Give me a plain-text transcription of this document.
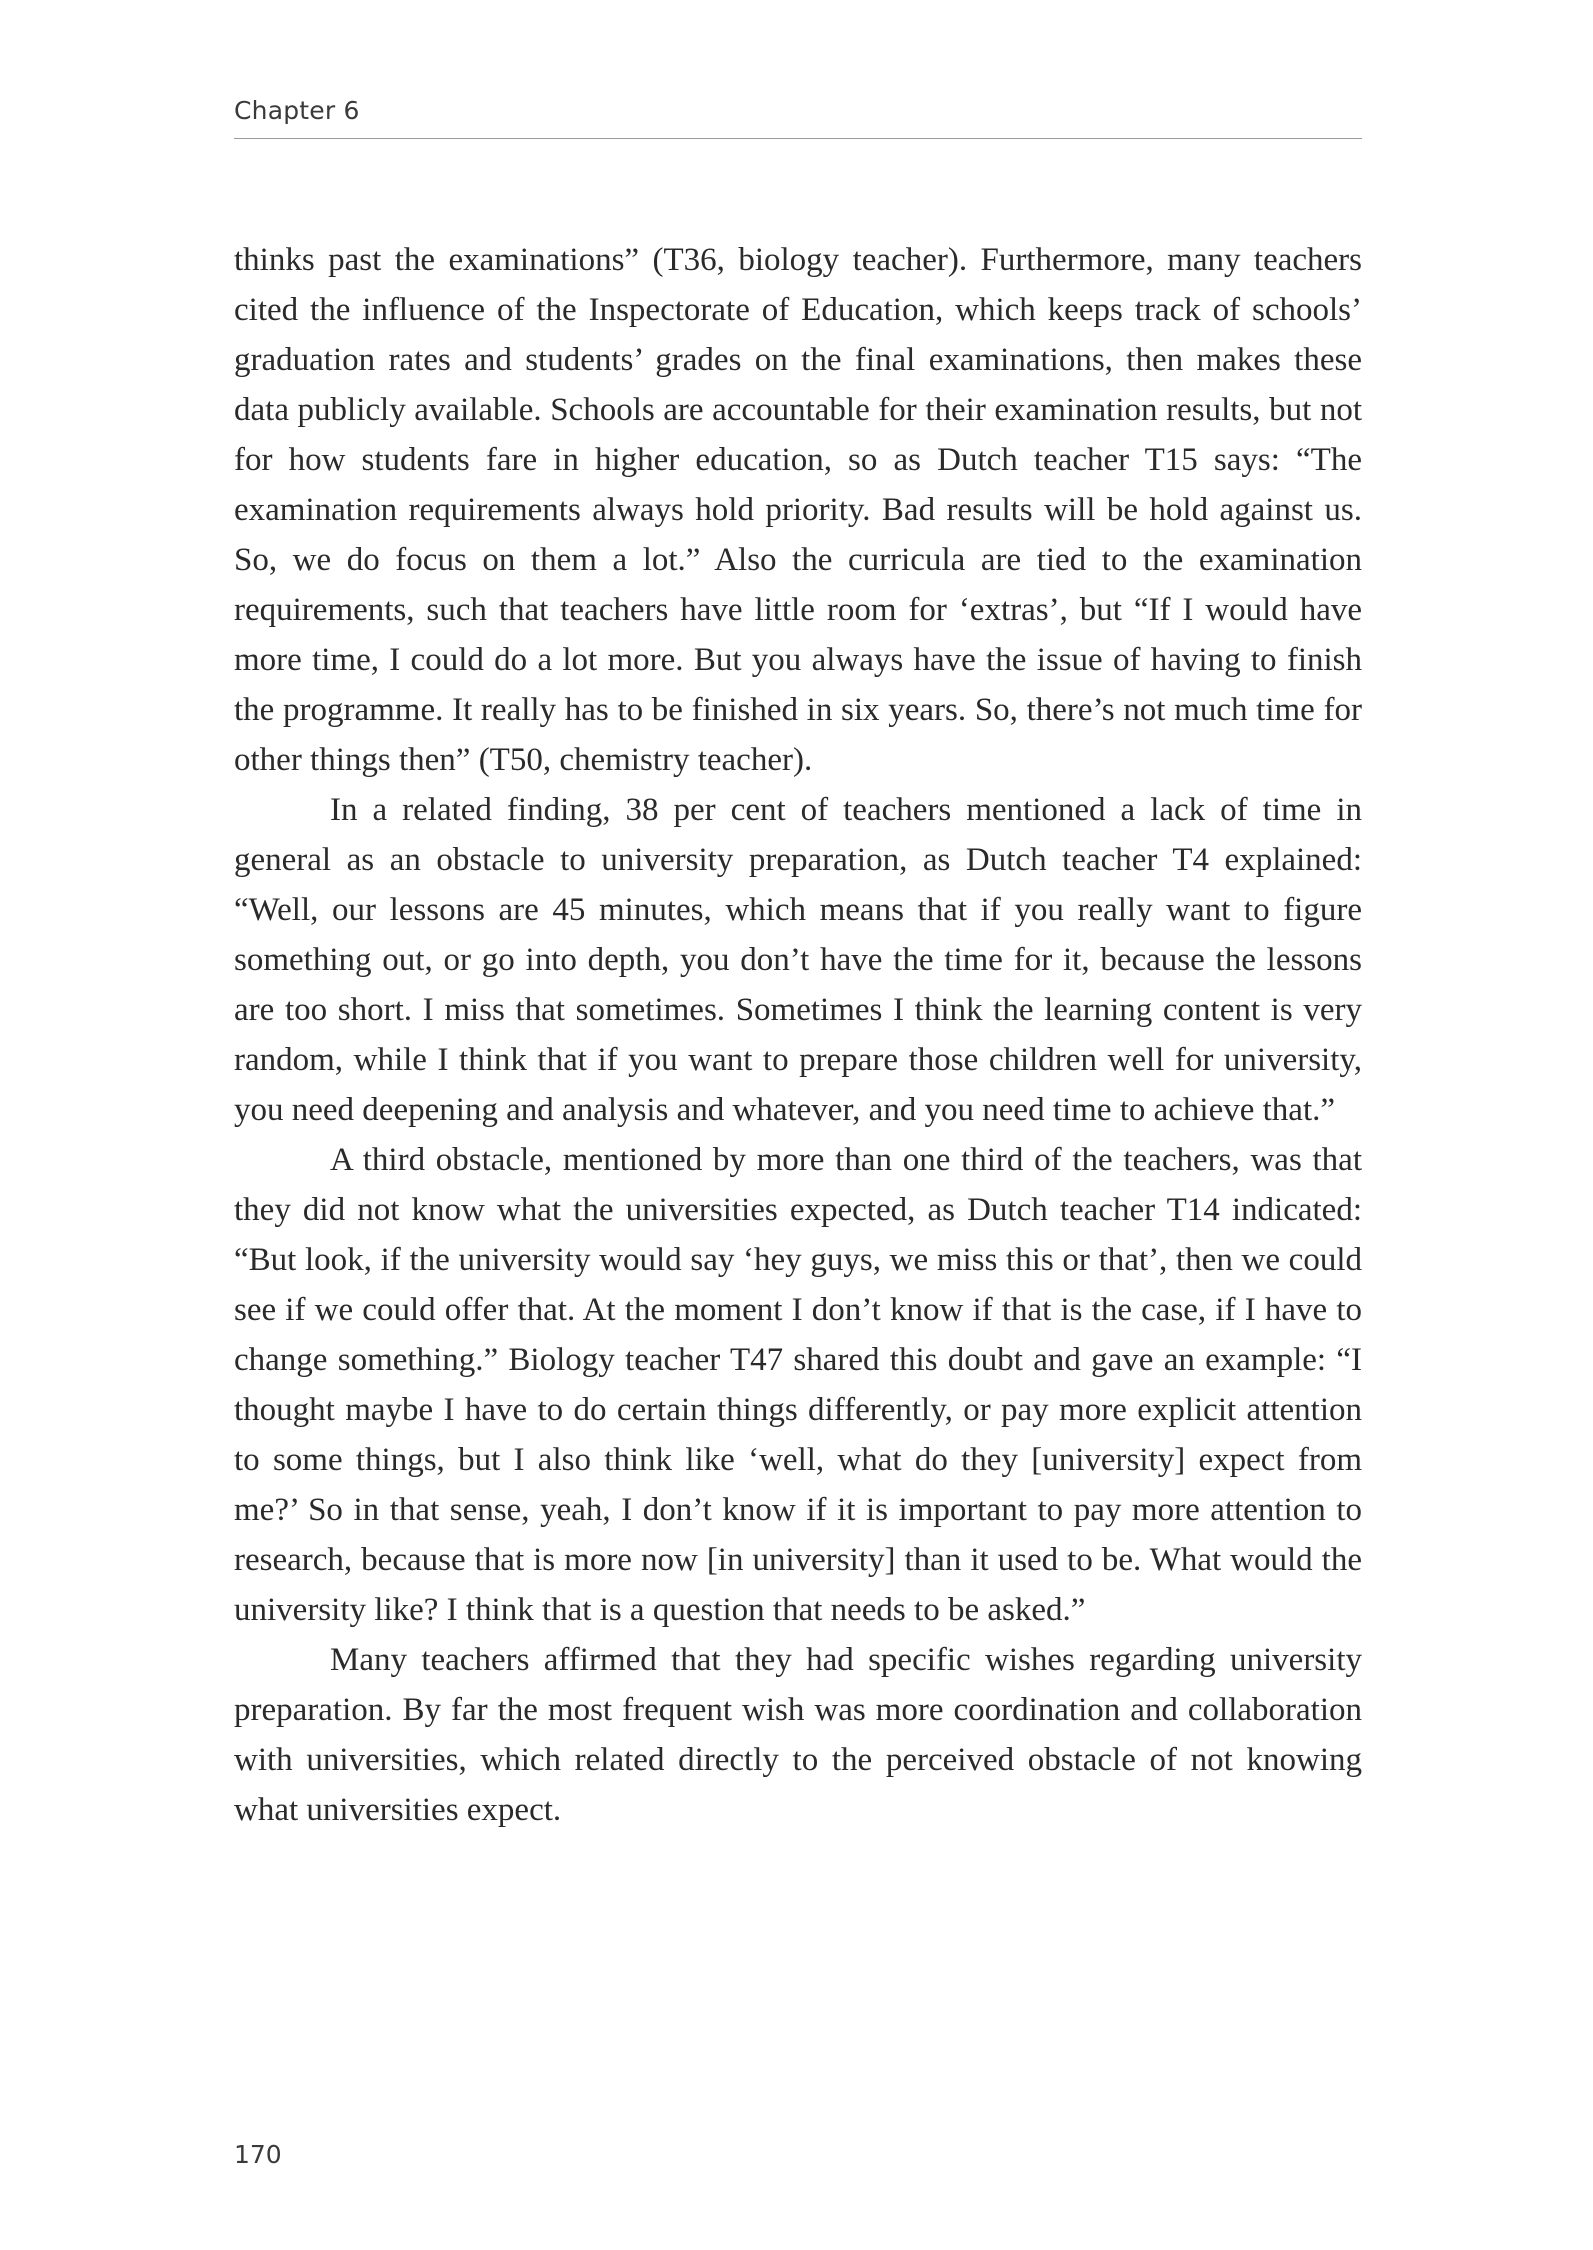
Chapter 6

thinks past the examinations” (T36, biology teacher). Furthermore, many teachers cited the influence of the Inspectorate of Education, which keeps track of schools’ graduation rates and students’ grades on the final examinations, then makes these data publicly available. Schools are accountable for their examination results, but not for how students fare in higher education, so as Dutch teacher T15 says: “The examination requirements always hold priority. Bad results will be hold against us. So, we do focus on them a lot.” Also the curricula are tied to the examination requirements, such that teachers have little room for ‘extras’, but “If I would have more time, I could do a lot more. But you always have the issue of having to finish the programme. It really has to be finished in six years. So, there’s not much time for other things then” (T50, chemistry teacher).

In a related finding, 38 per cent of teachers mentioned a lack of time in general as an obstacle to university preparation, as Dutch teacher T4 explained: “Well, our lessons are 45 minutes, which means that if you really want to figure something out, or go into depth, you don’t have the time for it, because the lessons are too short. I miss that sometimes. Sometimes I think the learning content is very random, while I think that if you want to prepare those children well for university, you need deepening and analysis and whatever, and you need time to achieve that.”

A third obstacle, mentioned by more than one third of the teachers, was that they did not know what the universities expected, as Dutch teacher T14 indicated: “But look, if the university would say ‘hey guys, we miss this or that’, then we could see if we could offer that. At the moment I don’t know if that is the case, if I have to change something.” Biology teacher T47 shared this doubt and gave an example: “I thought maybe I have to do certain things differently, or pay more explicit attention to some things, but I also think like ‘well, what do they [university] expect from me?’ So in that sense, yeah, I don’t know if it is important to pay more attention to research, because that is more now [in university] than it used to be. What would the university like? I think that is a question that needs to be asked.”

Many teachers affirmed that they had specific wishes regarding university preparation. By far the most frequent wish was more coordination and collaboration with universities, which related directly to the perceived obstacle of not knowing what universities expect.

170
